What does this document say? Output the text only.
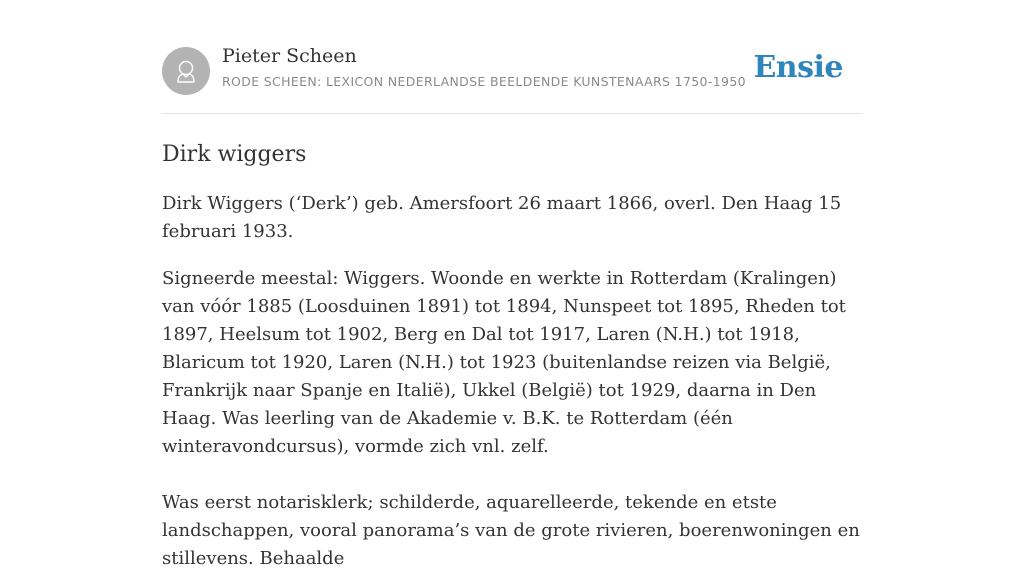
Pieter Scheen
RODE SCHEEN: LEXICON NEDERLANDSE BEELDENDE KUNSTENAARS 1750-1950 Ensie
Dirk wiggers

Dirk Wiggers (‘Derk’) geb. Amersfoort 26 maart 1866, overl. Den Haag 15 februari 1933.

Signeerde meestal: Wiggers. Woonde en werkte in Rotterdam (Kralingen) van vóór 1885 (Loosduinen 1891) tot 1894, Nunspeet tot 1895, Rheden tot 1897, Heelsum tot 1902, Berg en Dal tot 1917, Laren (N.H.) tot 1918, Blaricum tot 1920, Laren (N.H.) tot 1923 (buitenlandse reizen via België, Frankrijk naar Spanje en Italië), Ukkel (België) tot 1929, daarna in Den Haag. Was leerling van de Akademie v. B.K. te Rotterdam (één winteravondcursus), vormde zich vnl. zelf.

Was eerst notarisklerk; schilderde, aquarelleerde, tekende en etste landschappen, vooral panorama’s van de grote rivieren, boerenwoningen en stillevens. Behaalde
